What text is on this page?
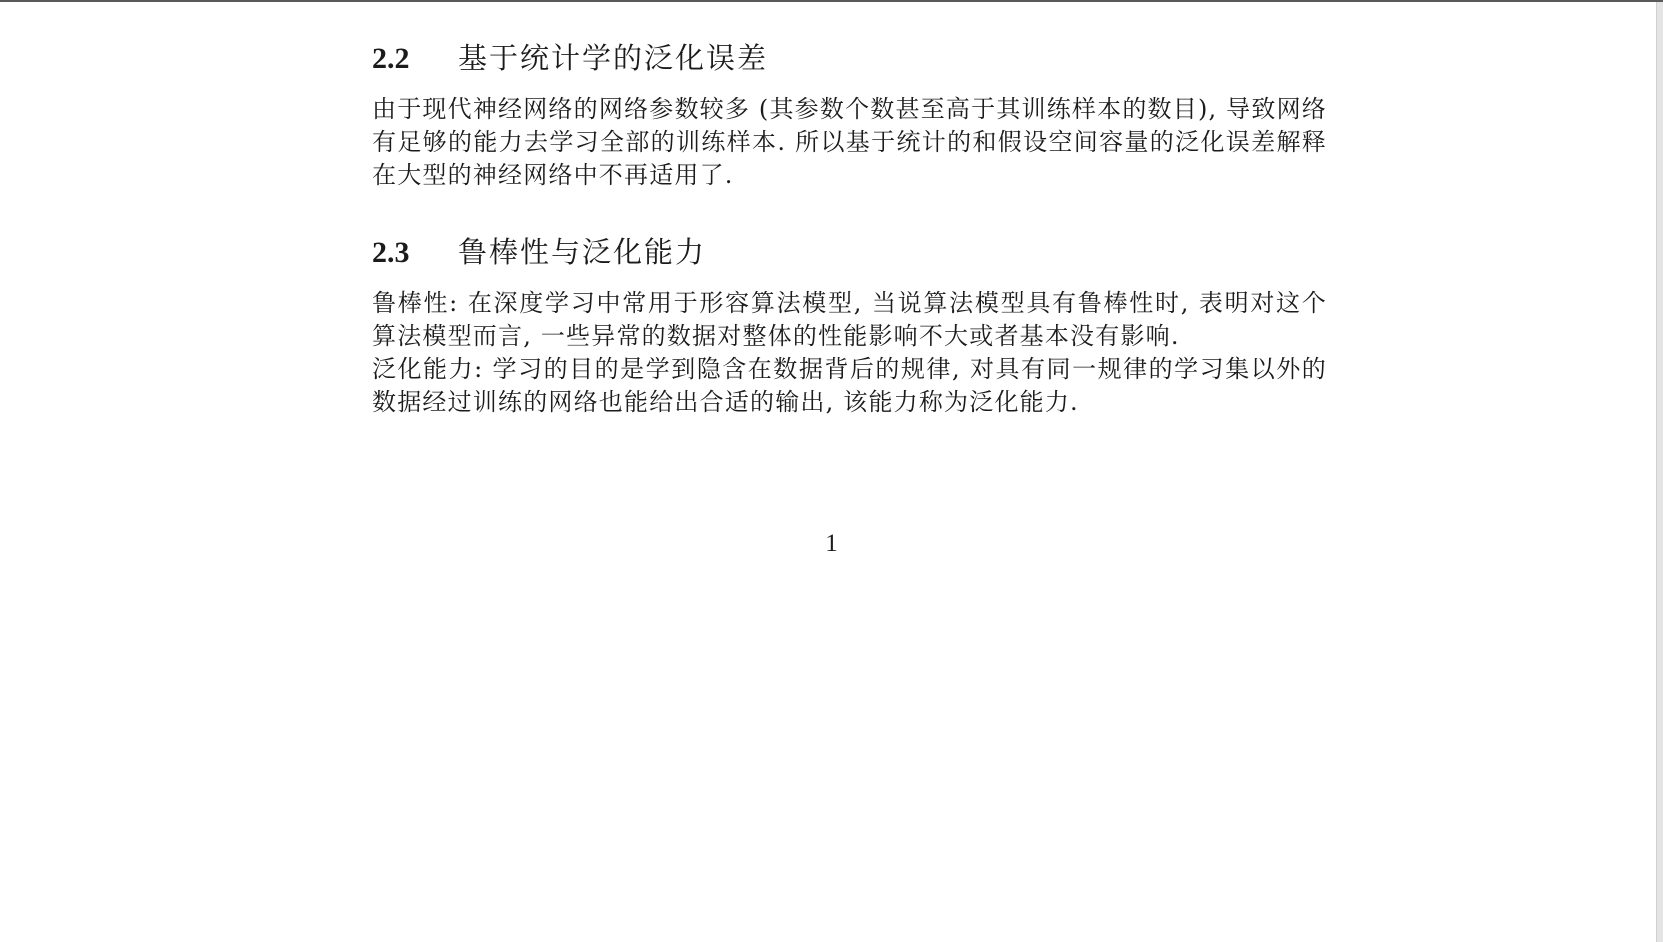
2.2	基于统计学的泛化误差

由于现代神经网络的网络参数较多 (其参数个数甚至高于其训练样本的数目), 导致网络有足够的能力去学习全部的训练样本. 所以基于统计的和假设空间容量的泛化误差解释在大型的神经网络中不再适用了.

2.3	鲁棒性与泛化能力

鲁棒性: 在深度学习中常用于形容算法模型, 当说算法模型具有鲁棒性时, 表明对这个算法模型而言, 一些异常的数据对整体的性能影响不大或者基本没有影响.

泛化能力: 学习的目的是学到隐含在数据背后的规律, 对具有同一规律的学习集以外的数据经过训练的网络也能给出合适的输出, 该能力称为泛化能力.

1
